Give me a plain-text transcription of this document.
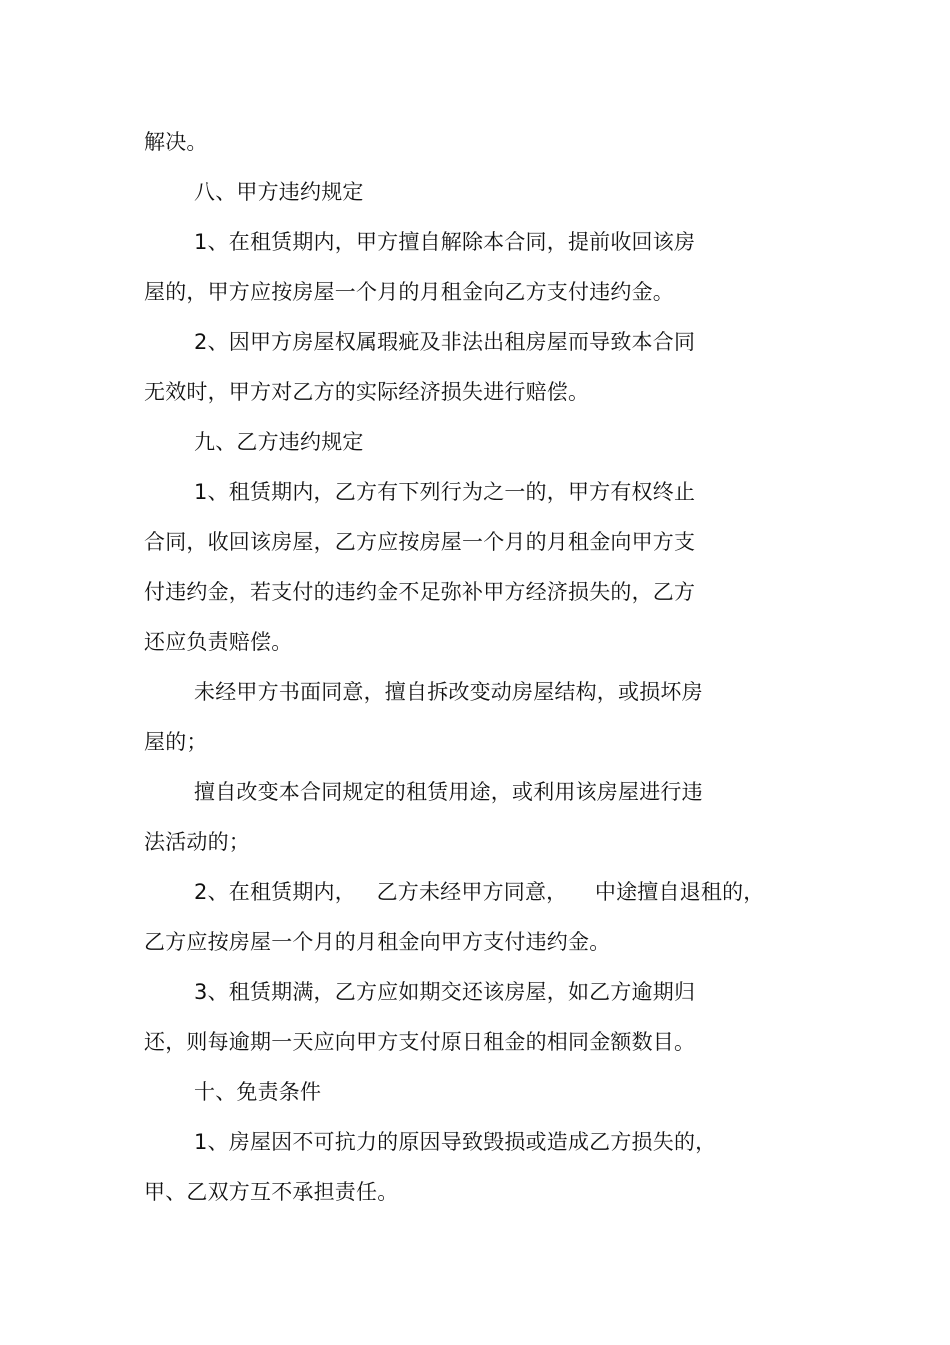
解决。
八、甲方违约规定
1、在租赁期内，甲方擅自解除本合同，提前收回该房
屋的，甲方应按房屋一个月的月租金向乙方支付违约金。
2、因甲方房屋权属瑕疵及非法出租房屋而导致本合同
无效时，甲方对乙方的实际经济损失进行赔偿。
九、乙方违约规定
1、租赁期内，乙方有下列行为之一的，甲方有权终止
合同，收回该房屋，乙方应按房屋一个月的月租金向甲方支
付违约金，若支付的违约金不足弥补甲方经济损失的，乙方
还应负责赔偿。
未经甲方书面同意，擅自拆改变动房屋结构，或损坏房
屋的；
擅自改变本合同规定的租赁用途，或利用该房屋进行违
法活动的；
2、在租赁期内，   乙方未经甲方同意，    中途擅自退租的，
乙方应按房屋一个月的月租金向甲方支付违约金。
3、租赁期满，乙方应如期交还该房屋，如乙方逾期归
还，则每逾期一天应向甲方支付原日租金的相同金额数目。
十、免责条件
1、房屋因不可抗力的原因导致毁损或造成乙方损失的，
甲、乙双方互不承担责任。
